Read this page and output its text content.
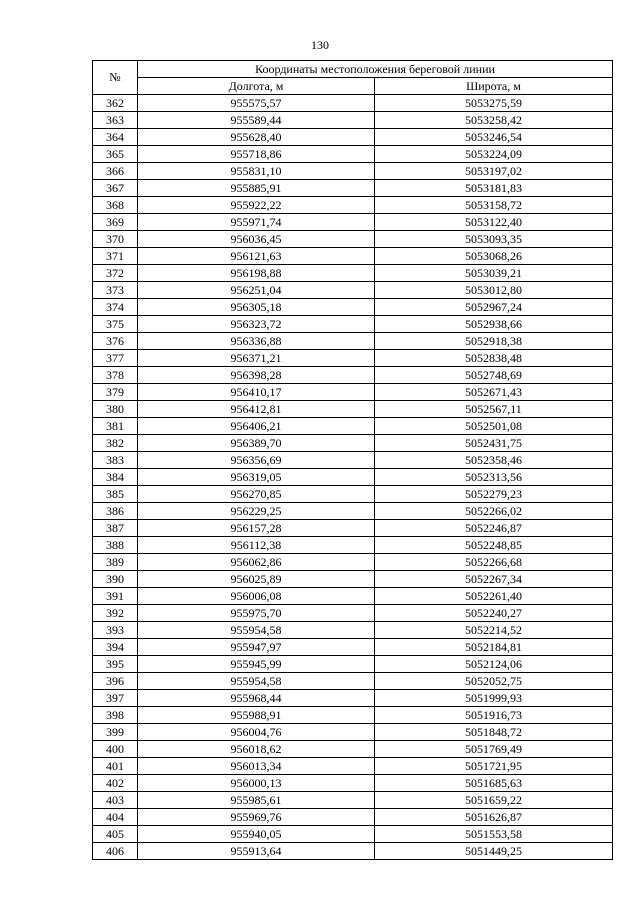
130
№	Координаты местоположения береговой линии	
	Долгота, м	Широта, м
362	955575,57	5053275,59
363	955589,44	5053258,42
364	955628,40	5053246,54
365	955718,86	5053224,09
366	955831,10	5053197,02
367	955885,91	5053181,83
368	955922,22	5053158,72
369	955971,74	5053122,40
370	956036,45	5053093,35
371	956121,63	5053068,26
372	956198,88	5053039,21
373	956251,04	5053012,80
374	956305,18	5052967,24
375	956323,72	5052938,66
376	956336,88	5052918,38
377	956371,21	5052838,48
378	956398,28	5052748,69
379	956410,17	5052671,43
380	956412,81	5052567,11
381	956406,21	5052501,08
382	956389,70	5052431,75
383	956356,69	5052358,46
384	956319,05	5052313,56
385	956270,85	5052279,23
386	956229,25	5052266,02
387	956157,28	5052246,87
388	956112,38	5052248,85
389	956062,86	5052266,68
390	956025,89	5052267,34
391	956006,08	5052261,40
392	955975,70	5052240,27
393	955954,58	5052214,52
394	955947,97	5052184,81
395	955945,99	5052124,06
396	955954,58	5052052,75
397	955968,44	5051999,93
398	955988,91	5051916,73
399	956004,76	5051848,72
400	956018,62	5051769,49
401	956013,34	5051721,95
402	956000,13	5051685,63
403	955985,61	5051659,22
404	955969,76	5051626,87
405	955940,05	5051553,58
406	955913,64	5051449,25
